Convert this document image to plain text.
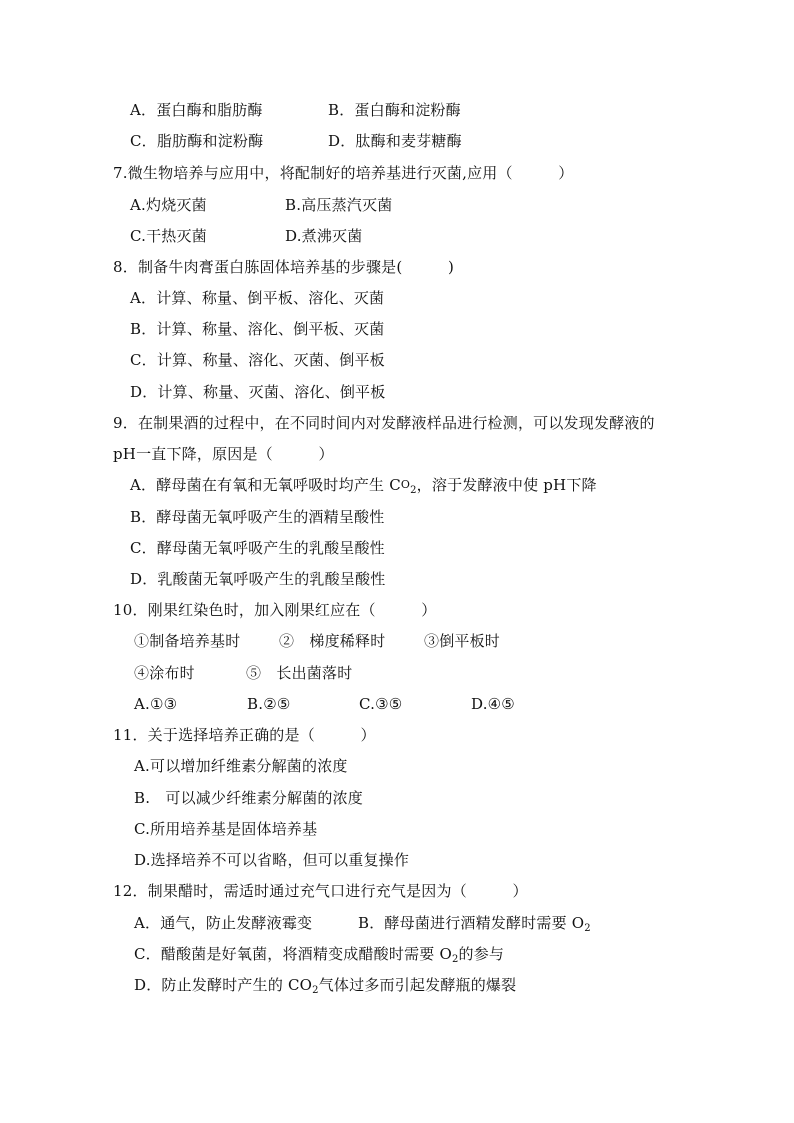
A．蛋白酶和脂肪酶	B．蛋白酶和淀粉酶
C．脂肪酶和淀粉酶	D．肽酶和麦芽糖酶
7.微生物培养与应用中，将配制好的培养基进行灭菌,应用（　　　）
A.灼烧灭菌	B.高压蒸汽灭菌
C.干热灭菌	D.煮沸灭菌
8．制备牛肉膏蛋白胨固体培养基的步骤是(　　　)
A．计算、称量、倒平板、溶化、灭菌
B．计算、称量、溶化、倒平板、灭菌
C．计算、称量、溶化、灭菌、倒平板
D．计算、称量、灭菌、溶化、倒平板
9．在制果酒的过程中，在不同时间内对发酵液样品进行检测，可以发现发酵液的
pH一直下降，原因是（　　　）
A．酵母菌在有氧和无氧呼吸时均产生 $CO_2$，溶于发酵液中使 pH下降
B．酵母菌无氧呼吸产生的酒精呈酸性
C．酵母菌无氧呼吸产生的乳酸呈酸性
D．乳酸菌无氧呼吸产生的乳酸呈酸性
10．刚果红染色时，加入刚果红应在（　　　）
①制备培养基时	②　梯度稀释时	③倒平板时
④涂布时	⑤　长出菌落时
A.①③	B.②⑤	C.③⑤	D.④⑤
11．关于选择培养正确的是（　　　）
A.可以增加纤维素分解菌的浓度
B.　可以减少纤维素分解菌的浓度
C.所用培养基是固体培养基
D.选择培养不可以省略，但可以重复操作
12．制果醋时，需适时通过充气口进行充气是因为（　　　）
A．通气，防止发酵液霉变	B．酵母菌进行酒精发酵时需要 $O_2$
C．醋酸菌是好氧菌，将酒精变成醋酸时需要 $O_2$的参与
D．防止发酵时产生的 $CO_2$气体过多而引起发酵瓶的爆裂
